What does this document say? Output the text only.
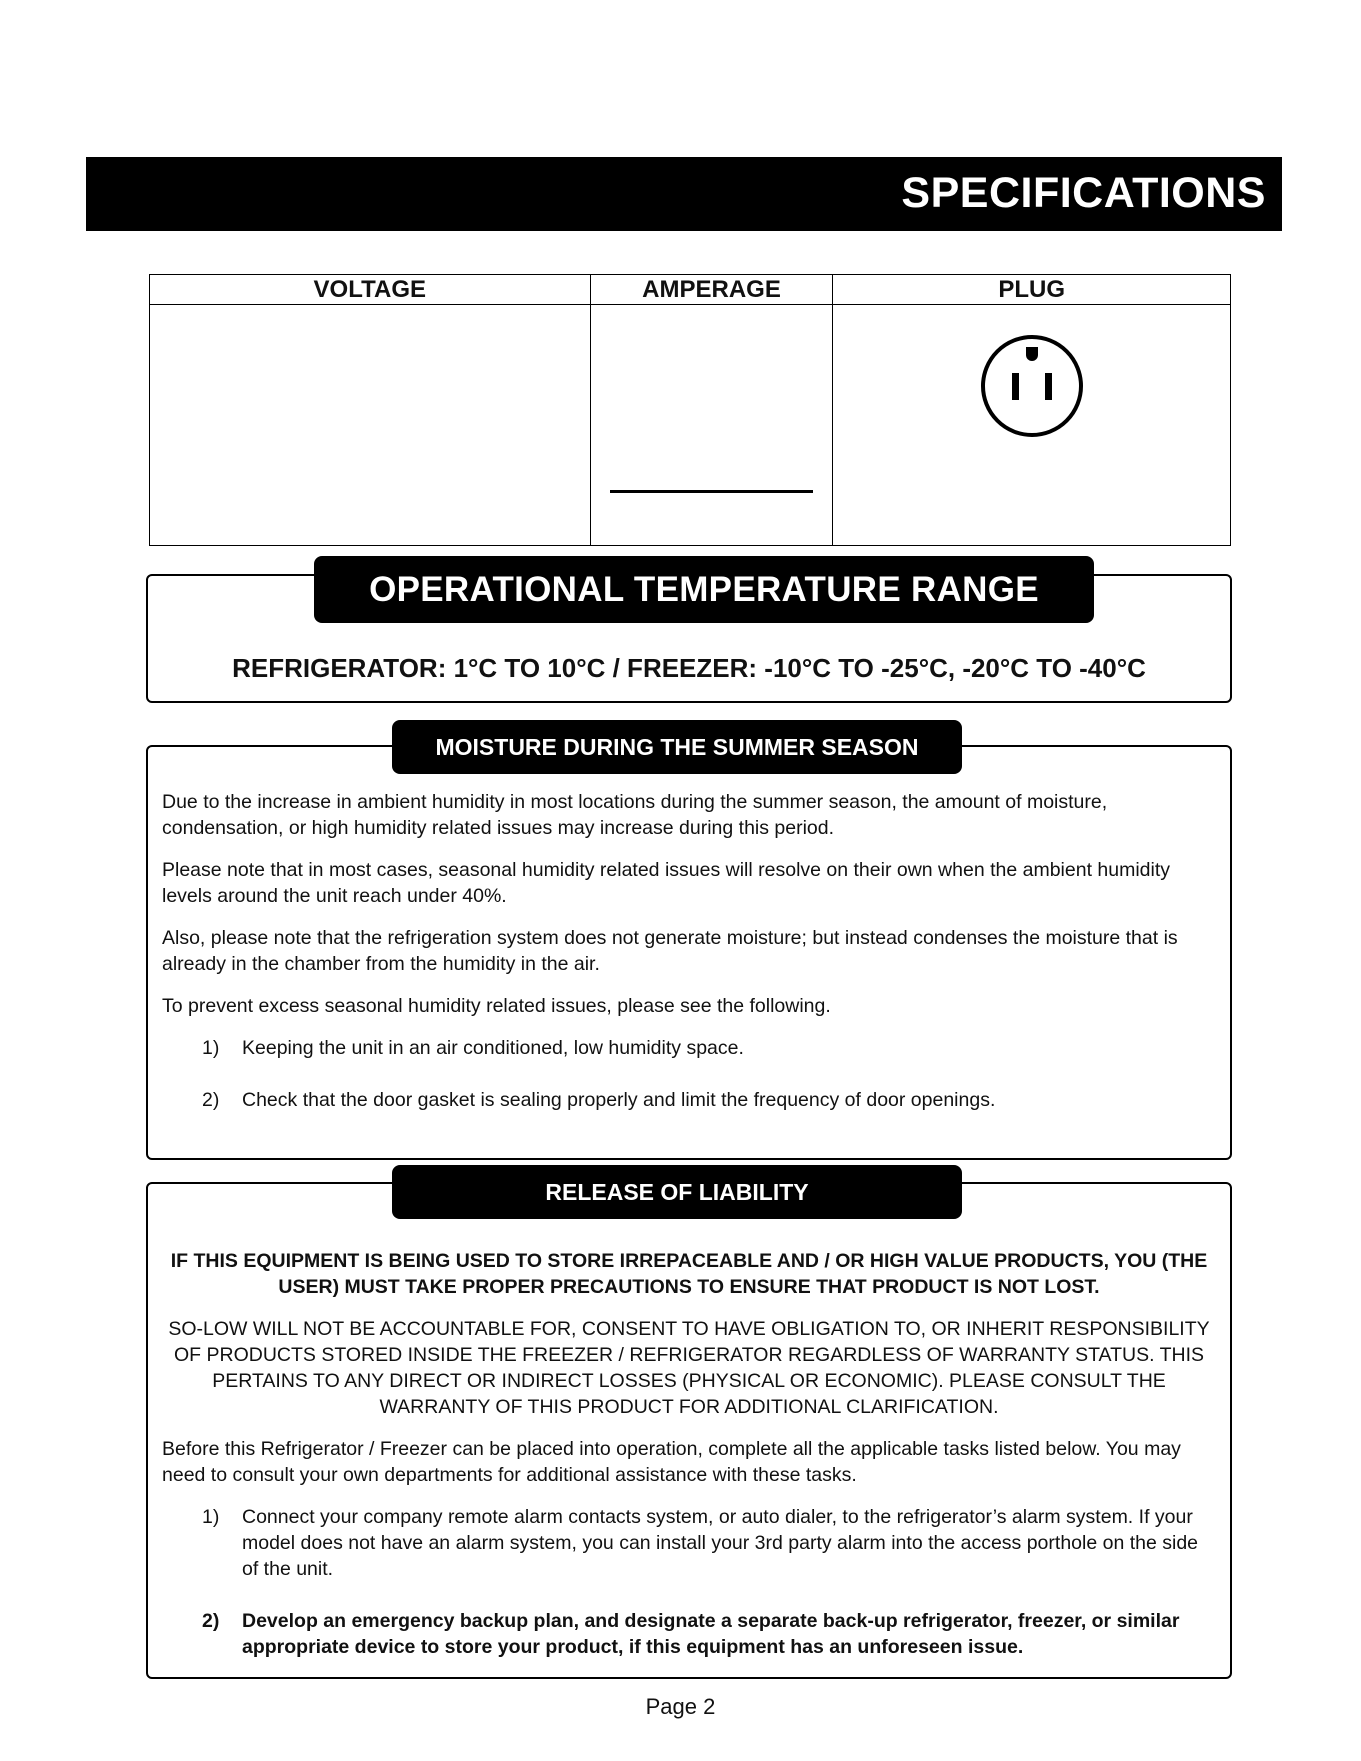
SPECIFICATIONS
VOLTAGE	AMPERAGE	PLUG

REFRIGERATOR: 1°C TO 10°C / FREEZER: -10°C TO -25°C, -20°C TO -40°C
OPERATIONAL TEMPERATURE RANGE

Due to the increase in ambient humidity in most locations during the summer season, the amount of moisture, condensation, or high humidity related issues may increase during this period.

Please note that in most cases, seasonal humidity related issues will resolve on their own when the ambient humidity levels around the unit reach under 40%.

Also, please note that the refrigeration system does not generate moisture; but instead condenses the moisture that is already in the chamber from the humidity in the air.

To prevent excess seasonal humidity related issues, please see the following.

1) Keeping the unit in an air conditioned, low humidity space.
2) Check that the door gasket is sealing properly and limit the frequency of door openings.
MOISTURE DURING THE SUMMER SEASON

IF THIS EQUIPMENT IS BEING USED TO STORE IRREPACEABLE AND / OR HIGH VALUE PRODUCTS, YOU (THE USER) MUST TAKE PROPER PRECAUTIONS TO ENSURE THAT PRODUCT IS NOT LOST.

SO-LOW WILL NOT BE ACCOUNTABLE FOR, CONSENT TO HAVE OBLIGATION TO, OR INHERIT RESPONSIBILITY OF PRODUCTS STORED INSIDE THE FREEZER / REFRIGERATOR REGARDLESS OF WARRANTY STATUS. THIS PERTAINS TO ANY DIRECT OR INDIRECT LOSSES (PHYSICAL OR ECONOMIC). PLEASE CONSULT THE WARRANTY OF THIS PRODUCT FOR ADDITIONAL CLARIFICATION.

Before this Refrigerator / Freezer can be placed into operation, complete all the applicable tasks listed below. You may need to consult your own departments for additional assistance with these tasks.

1) Connect your company remote alarm contacts system, or auto dialer, to the refrigerator’s alarm system. If your model does not have an alarm system, you can install your 3rd party alarm into the access porthole on the side of the unit.
2) Develop an emergency backup plan, and designate a separate back-up refrigerator, freezer, or similar appropriate device to store your product, if this equipment has an unforeseen issue.
RELEASE OF LIABILITY
Page 2
